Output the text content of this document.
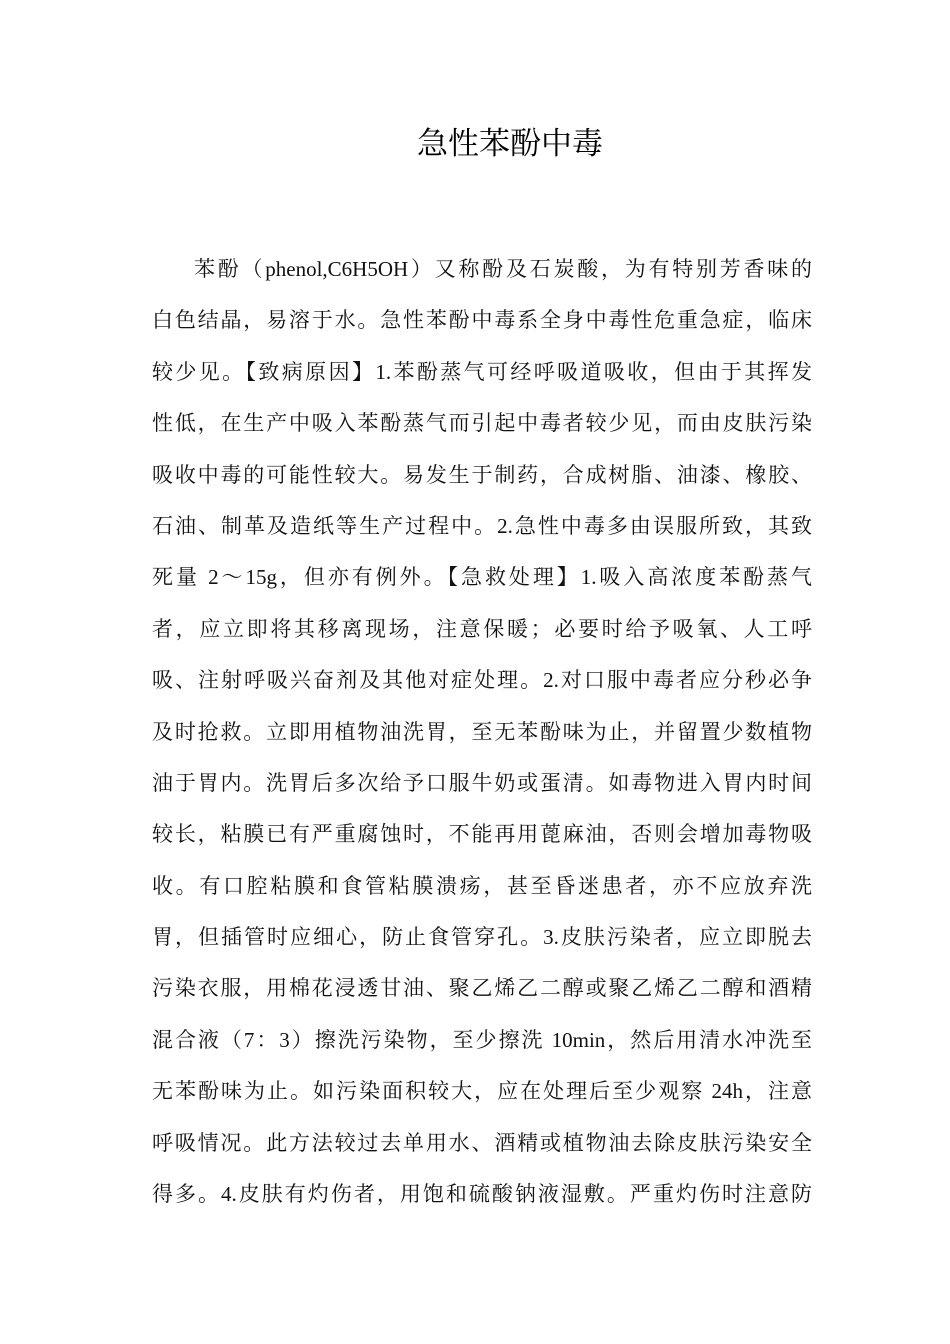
急性苯酚中毒
苯酚（phenol,C6H5OH）又称酚及石炭酸，为有特别芳香味的
白色结晶，易溶于水。急性苯酚中毒系全身中毒性危重急症，临床
较少见。【致病原因】1.苯酚蒸气可经呼吸道吸收，但由于其挥发
性低，在生产中吸入苯酚蒸气而引起中毒者较少见，而由皮肤污染
吸收中毒的可能性较大。易发生于制药，合成树脂、油漆、橡胶、
石油、制革及造纸等生产过程中。2.急性中毒多由误服所致，其致
死量 2～15g，但亦有例外。【急救处理】1.吸入高浓度苯酚蒸气
者，应立即将其移离现场，注意保暖；必要时给予吸氧、人工呼
吸、注射呼吸兴奋剂及其他对症处理。2.对口服中毒者应分秒必争
及时抢救。立即用植物油洗胃，至无苯酚味为止，并留置少数植物
油于胃内。洗胃后多次给予口服牛奶或蛋清。如毒物进入胃内时间
较长，粘膜已有严重腐蚀时，不能再用蓖麻油，否则会增加毒物吸
收。有口腔粘膜和食管粘膜溃疡，甚至昏迷患者，亦不应放弃洗
胃，但插管时应细心，防止食管穿孔。3.皮肤污染者，应立即脱去
污染衣服，用棉花浸透甘油、聚乙烯乙二醇或聚乙烯乙二醇和酒精
混合液（7：3）擦洗污染物，至少擦洗 10min，然后用清水冲洗至
无苯酚味为止。如污染面积较大，应在处理后至少观察 24h，注意
呼吸情况。此方法较过去单用水、酒精或植物油去除皮肤污染安全
得多。4.皮肤有灼伤者，用饱和硫酸钠液湿敷。严重灼伤时注意防
